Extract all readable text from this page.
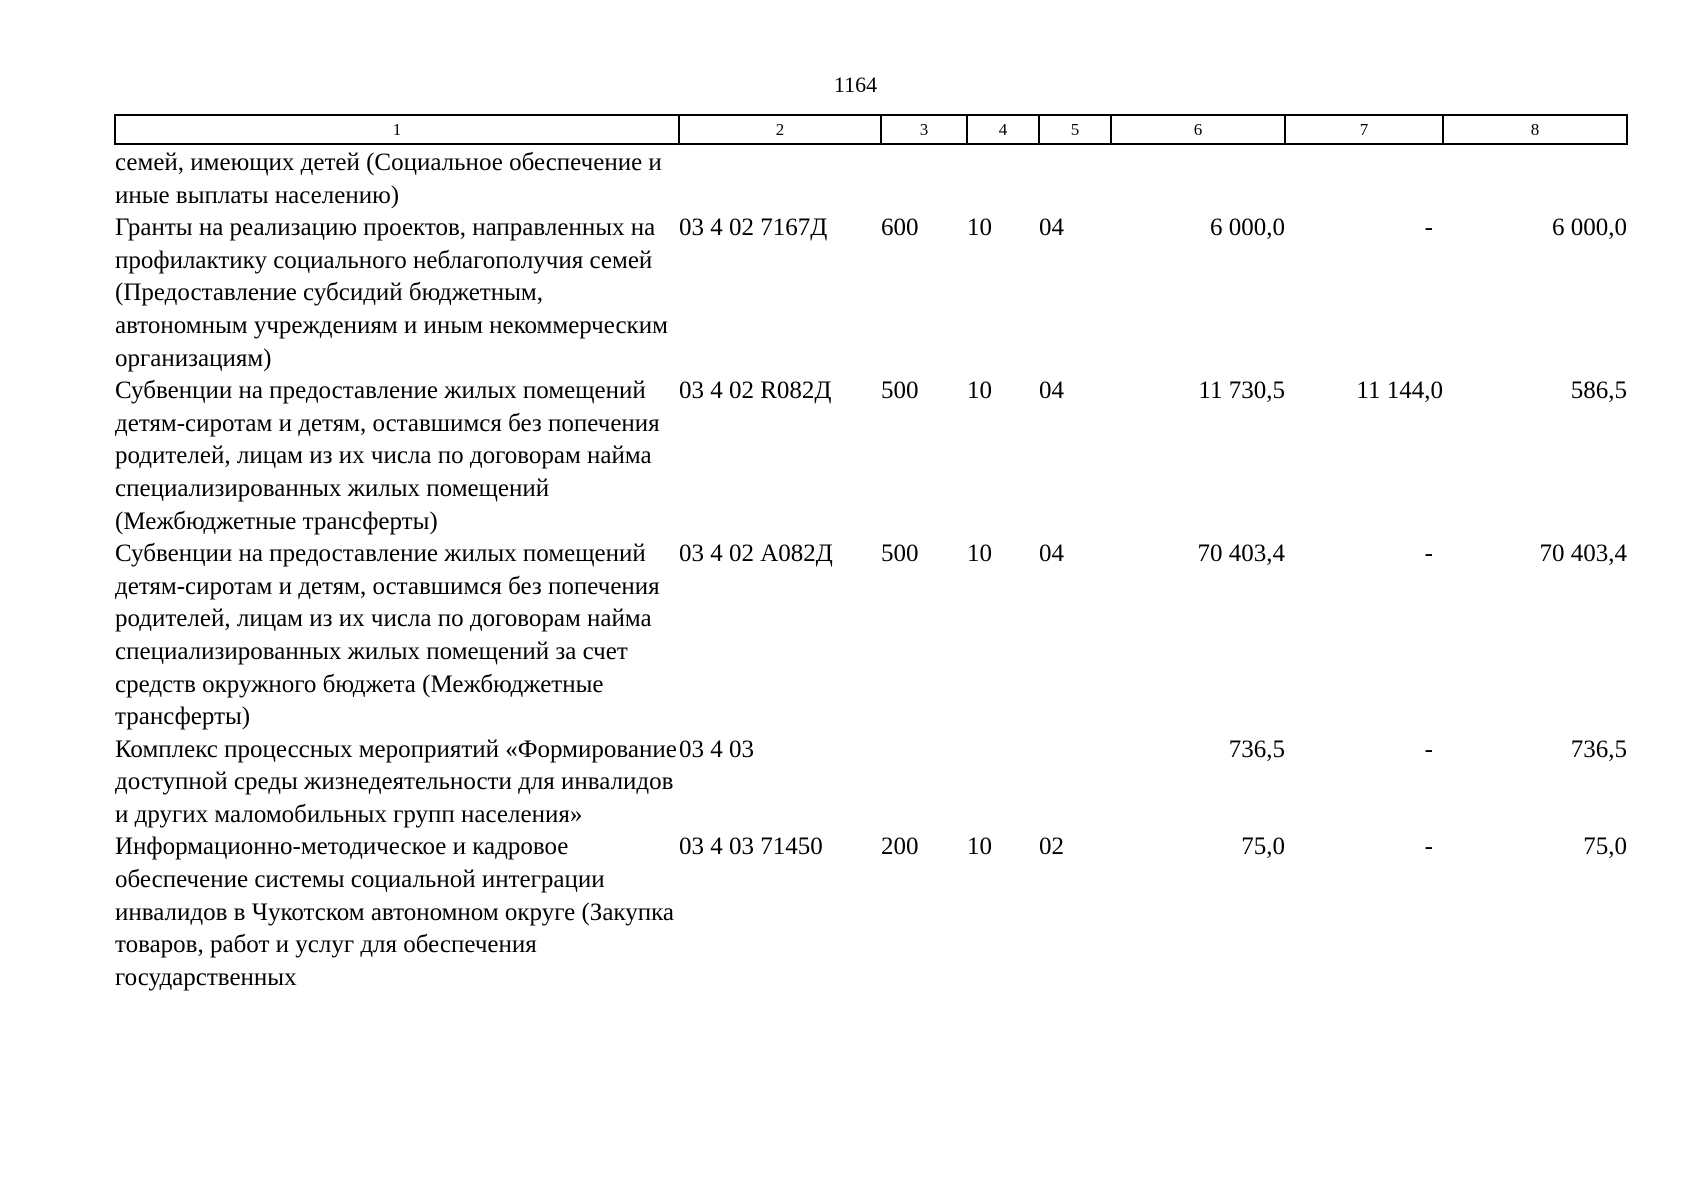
1164
1	2	3	4	5	6	7	8
семей, имеющих детей (Социальное обеспечение и иные выплаты населению)							
Гранты на реализацию проектов, направленных на профилактику социального неблагополучия семей (Предоставление субсидий бюджетным, автономным учреждениям и иным некоммерческим организациям)	03 4 02 7167Д	600	10	04	6 000,0	-	6 000,0
Субвенции на предоставление жилых помещений детям-сиротам и детям, оставшимся без попечения родителей, лицам из их числа по договорам найма специализированных жилых помещений (Межбюджетные трансферты)	03 4 02 R082Д	500	10	04	11 730,5	11 144,0	586,5
Субвенции на предоставление жилых помещений детям-сиротам и детям, оставшимся без попечения родителей, лицам из их числа по договорам найма специализированных жилых помещений за счет средств окружного бюджета (Межбюджетные трансферты)	03 4 02 А082Д	500	10	04	70 403,4	-	70 403,4
Комплекс процессных мероприятий «Формирование доступной среды жизнедеятельности для инвалидов и других маломобильных групп населения»	03 4 03				736,5	-	736,5
Информационно-методическое и кадровое обеспечение системы социальной интеграции инвалидов в Чукотском автономном округе (Закупка товаров, работ и услуг для обеспечения государственных	03 4 03 71450	200	10	02	75,0	-	75,0
